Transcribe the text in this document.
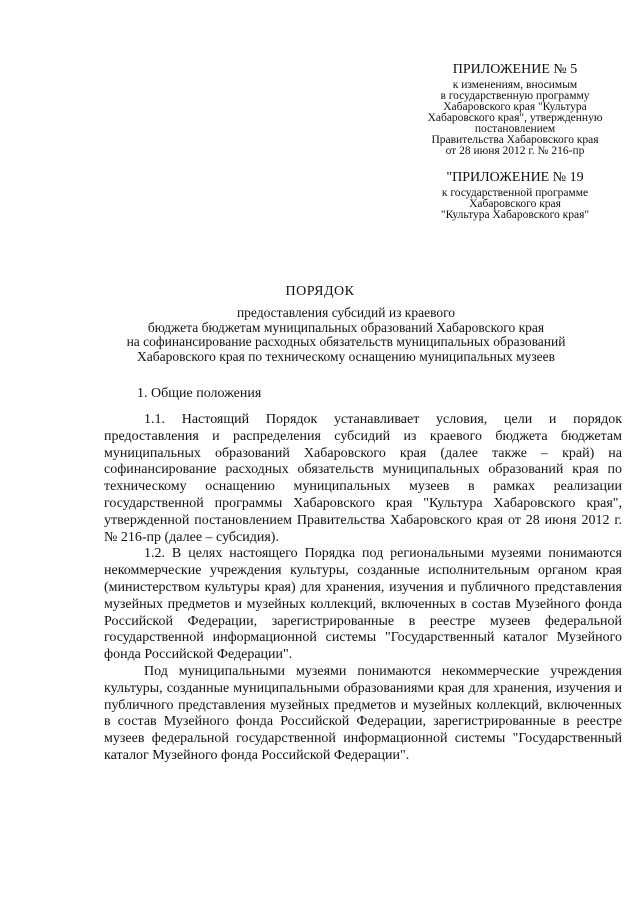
ПРИЛОЖЕНИЕ № 5
к изменениям, вносимым
в государственную программу
Хабаровского края "Культура
Хабаровского края", утвержденную
постановлением
Правительства Хабаровского края
от 28 июня 2012 г. № 216-пр
"ПРИЛОЖЕНИЕ № 19
к государственной программе
Хабаровского края
"Культура Хабаровского края"
ПОРЯДОК
предоставления субсидий из краевого
бюджета бюджетам муниципальных образований Хабаровского края
на софинансирование расходных обязательств муниципальных образований
Хабаровского края по техническому оснащению муниципальных музеев
1. Общие положения

1.1. Настоящий Порядок устанавливает условия, цели и порядок предоставления и распределения субсидий из краевого бюджета бюджетам муниципальных образований Хабаровского края (далее также – край) на софинансирование расходных обязательств муниципальных образований края по техническому оснащению муниципальных музеев в рамках реализации государственной программы Хабаровского края "Культура Хабаровского края", утвержденной постановлением Правительства Хабаровского края от 28 июня 2012 г. № 216-пр (далее – субсидия).

1.2. В целях настоящего Порядка под региональными музеями понимаются некоммерческие учреждения культуры, созданные исполнительным органом края (министерством культуры края) для хранения, изучения и публичного представления музейных предметов и музейных коллекций, включенных в состав Музейного фонда Российской Федерации, зарегистрированные в реестре музеев федеральной государственной информационной системы "Государственный каталог Музейного фонда Российской Федерации".

Под муниципальными музеями понимаются некоммерческие учреждения культуры, созданные муниципальными образованиями края для хранения, изучения и публичного представления музейных предметов и музейных коллекций, включенных в состав Музейного фонда Российской Федерации, зарегистрированные в реестре музеев федеральной государственной информационной системы "Государственный каталог Музейного фонда Российской Федерации".
